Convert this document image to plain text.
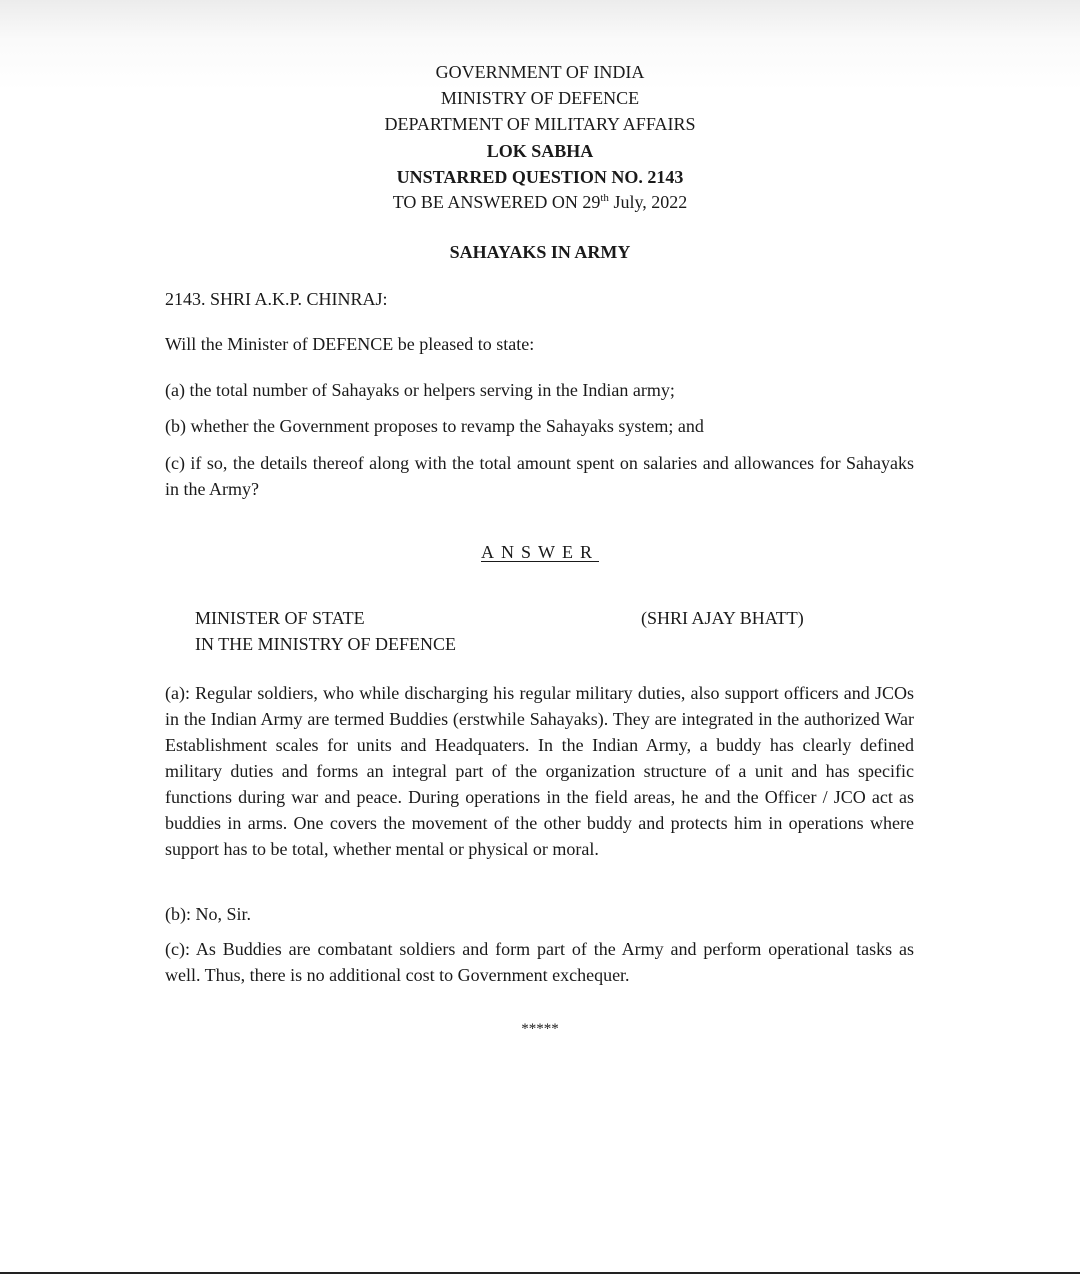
GOVERNMENT OF INDIA
MINISTRY OF DEFENCE
DEPARTMENT OF MILITARY AFFAIRS
LOK SABHA
UNSTARRED QUESTION NO. 2143
TO BE ANSWERED ON 29th July, 2022
SAHAYAKS IN ARMY
2143. SHRI A.K.P. CHINRAJ:
Will the Minister of DEFENCE be pleased to state:
(a) the total number of Sahayaks or helpers serving in the Indian army;
(b) whether the Government proposes to revamp the Sahayaks system; and
(c) if so, the details thereof along with the total amount spent on salaries and allowances for Sahayaks in the Army?
ANSWER
MINISTER OF STATE
IN THE MINISTRY OF DEFENCE
(SHRI AJAY BHATT)
(a): Regular soldiers, who while discharging his regular military duties, also support officers and JCOs in the Indian Army are termed Buddies (erstwhile Sahayaks). They are integrated in the authorized War Establishment scales for units and Headquaters. In the Indian Army, a buddy has clearly defined military duties and forms an integral part of the organization structure of a unit and has specific functions during war and peace. During operations in the field areas, he and the Officer / JCO act as buddies in arms. One covers the movement of the other buddy and protects him in operations where support has to be total, whether mental or physical or moral.
(b): No, Sir.
(c): As Buddies are combatant soldiers and form part of the Army and perform operational tasks as well. Thus, there is no additional cost to Government exchequer.
*****
